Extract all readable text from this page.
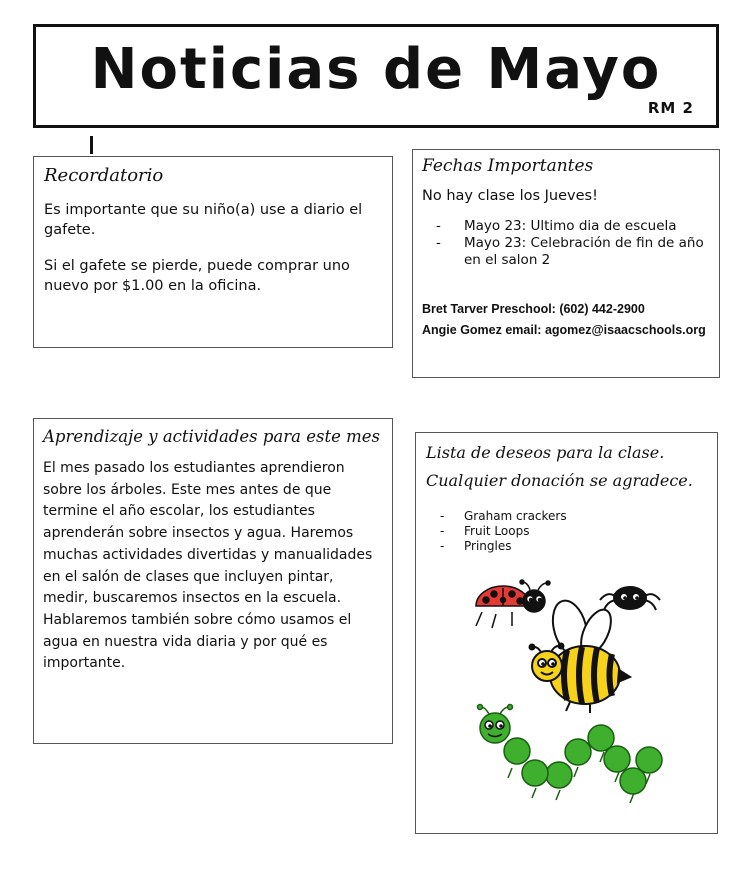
Noticias de Mayo
RM 2
Recordatorio

Es importante que su niño(a) use a diario el gafete.

Si el gafete se pierde, puede comprar uno nuevo por $1.00 en la oficina.

Fechas Importantes

No hay clase los Jueves!

- Mayo 23: Ultimo dia de escuela
- Mayo 23: Celebración de fin de año en el salon 2

Bret Tarver Preschool: (602) 442-2900

Angie Gomez email: agomez@isaacschools.org

Aprendizaje y actividades para este mes

El mes pasado los estudiantes aprendieron sobre los árboles. Este mes antes de que termine el año escolar, los estudiantes aprenderán sobre insectos y agua. Haremos muchas actividades divertidas y manualidades en el salón de clases que incluyen pintar, medir, buscaremos insectos en la escuela. Hablaremos también sobre cómo usamos el agua en nuestra vida diaria y por qué es importante.

Lista de deseos para la clase. Cualquier donación se agradece.
- Graham crackers
- Fruit Loops
- Pringles
